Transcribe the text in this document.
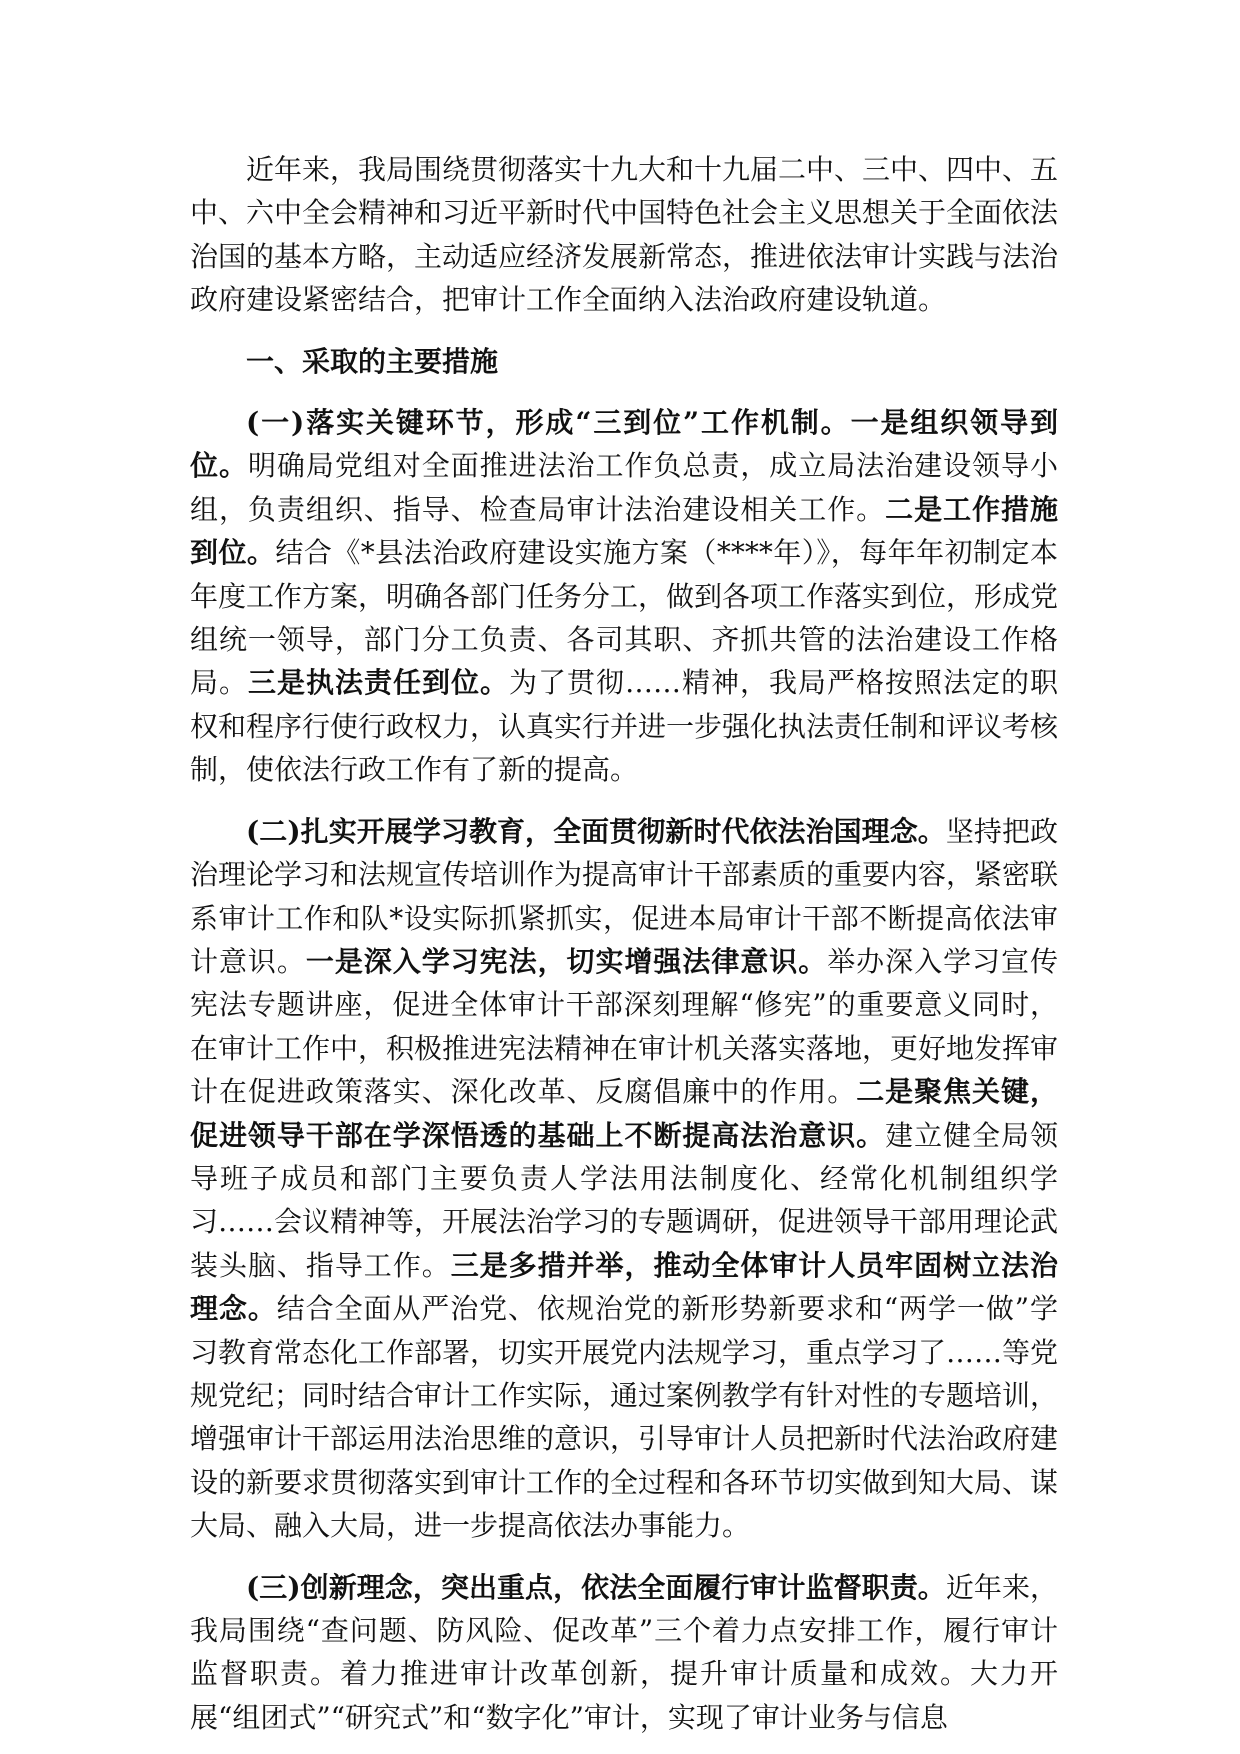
近年来，我局围绕贯彻落实十九大和十九届二中、三中、四中、五中、六中全会精神和习近平新时代中国特色社会主义思想关于全面依法治国的基本方略，主动适应经济发展新常态，推进依法审计实践与法治政府建设紧密结合，把审计工作全面纳入法治政府建设轨道。

一、采取的主要措施

(一)落实关键环节，形成“三到位”工作机制。一是组织领导到位。明确局党组对全面推进法治工作负总责，成立局法治建设领导小组，负责组织、指导、检查局审计法治建设相关工作。二是工作措施到位。结合《*县法治政府建设实施方案（****年）》，每年年初制定本年度工作方案，明确各部门任务分工，做到各项工作落实到位，形成党组统一领导，部门分工负责、各司其职、齐抓共管的法治建设工作格局。三是执法责任到位。为了贯彻……精神，我局严格按照法定的职权和程序行使行政权力，认真实行并进一步强化执法责任制和评议考核制，使依法行政工作有了新的提高。

(二)扎实开展学习教育，全面贯彻新时代依法治国理念。坚持把政治理论学习和法规宣传培训作为提高审计干部素质的重要内容，紧密联系审计工作和队*设实际抓紧抓实，促进本局审计干部不断提高依法审计意识。一是深入学习宪法，切实增强法律意识。举办深入学习宣传宪法专题讲座，促进全体审计干部深刻理解“修宪”的重要意义同时，在审计工作中，积极推进宪法精神在审计机关落实落地，更好地发挥审计在促进政策落实、深化改革、反腐倡廉中的作用。二是聚焦关键，促进领导干部在学深悟透的基础上不断提高法治意识。建立健全局领导班子成员和部门主要负责人学法用法制度化、经常化机制组织学习……会议精神等，开展法治学习的专题调研，促进领导干部用理论武装头脑、指导工作。三是多措并举，推动全体审计人员牢固树立法治理念。结合全面从严治党、依规治党的新形势新要求和“两学一做”学习教育常态化工作部署，切实开展党内法规学习，重点学习了……等党规党纪；同时结合审计工作实际，通过案例教学有针对性的专题培训，增强审计干部运用法治思维的意识，引导审计人员把新时代法治政府建设的新要求贯彻落实到审计工作的全过程和各环节切实做到知大局、谋大局、融入大局，进一步提高依法办事能力。

(三)创新理念，突出重点，依法全面履行审计监督职责。近年来，我局围绕“查问题、防风险、促改革”三个着力点安排工作，履行审计监督职责。着力推进审计改革创新，提升审计质量和成效。大力开展“组团式”“研究式”和“数字化”审计，实现了审计业务与信息
